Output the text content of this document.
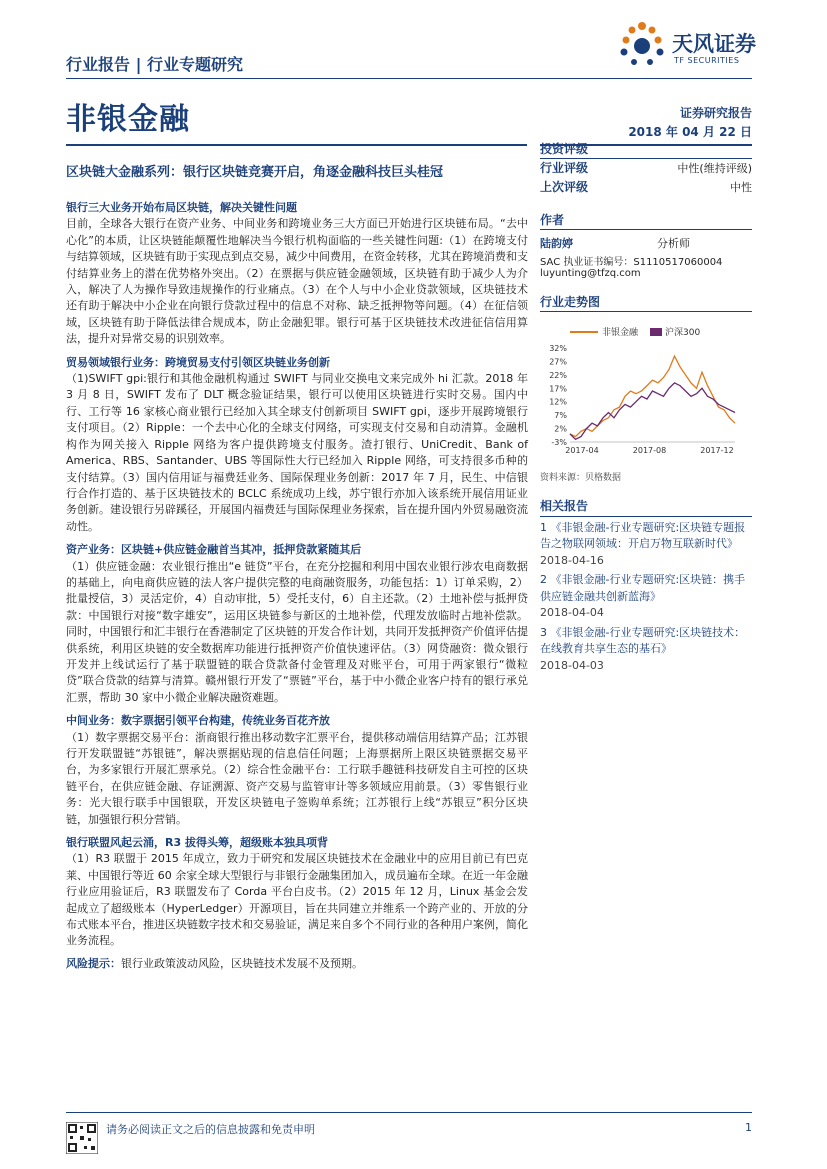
行业报告 | 行业专题研究
天风证券
TF SECURITIES
非银金融	证券研究报告
2018 年 04 月 22 日
区块链大金融系列：银行区块链竞赛开启，角逐金融科技巨头桂冠
银行三大业务开始布局区块链，解决关键性问题

目前，全球各大银行在资产业务、中间业务和跨境业务三大方面已开始进行区块链布局。“去中心化”的本质，让区块链能颠覆性地解决当今银行机构面临的一些关键性问题:（1）在跨境支付与结算领域，区块链有助于实现点到点交易，减少中间费用，在资金转移，尤其在跨境消费和支付结算业务上的潜在优势格外突出。（2）在票据与供应链金融领域，区块链有助于减少人为介入，解决了人为操作导致违规操作的行业痛点。（3）在个人与中小企业贷款领域，区块链技术还有助于解决中小企业在向银行贷款过程中的信息不对称、缺乏抵押物等问题。（4）在征信领域，区块链有助于降低法律合规成本，防止金融犯罪。银行可基于区块链技术改进征信信用算法，提升对异常交易的识别效率。

贸易领域银行业务：跨境贸易支付引领区块链业务创新

（1)SWIFT gpi:银行和其他金融机构通过 SWIFT 与同业交换电文来完成外 hi 汇款。2018 年 3 月 8 日，SWIFT 发布了 DLT 概念验证结果，银行可以使用区块链进行实时交易。国内中行、工行等 16 家核心商业银行已经加入其全球支付创新项目 SWIFT gpi，逐步开展跨境银行支付项目。（2）Ripple：一个去中心化的全球支付网络，可实现支付交易和自动清算。金融机构作为网关接入 Ripple 网络为客户提供跨境支付服务。渣打银行、UniCredit、Bank of America、RBS、Santander、UBS 等国际性大行已经加入 Ripple 网络，可支持很多币种的支付结算。（3）国内信用证与福费廷业务、国际保理业务创新：2017 年 7 月，民生、中信银行合作打造的、基于区块链技术的 BCLC 系统成功上线，苏宁银行亦加入该系统开展信用证业务创新。建设银行另辟蹊径，开展国内福费廷与国际保理业务探索，旨在提升国内外贸易融资流动性。

资产业务：区块链+供应链金融首当其冲，抵押贷款紧随其后

（1）供应链金融：农业银行推出“e 链贷”平台，在充分挖掘和利用中国农业银行涉农电商数据的基础上，向电商供应链的法人客户提供完整的电商融资服务，功能包括：1）订单采购，2）批量授信，3）灵活定价，4）自动审批，5）受托支付，6）自主还款。（2）土地补偿与抵押贷款：中国银行对接“数字雄安”，运用区块链参与新区的土地补偿，代理发放临时占地补偿款。同时，中国银行和汇丰银行在香港制定了区块链的开发合作计划，共同开发抵押资产价值评估提供系统，利用区块链的安全数据库功能进行抵押资产价值快速评估。（3）网贷融资：微众银行开发并上线试运行了基于联盟链的联合贷款备付金管理及对账平台，可用于两家银行“微粒贷”联合贷款的结算与清算。赣州银行开发了“票链”平台，基于中小微企业客户持有的银行承兑汇票，帮助 30 家中小微企业解决融资难题。

中间业务：数字票据引领平台构建，传统业务百花齐放

（1）数字票据交易平台：浙商银行推出移动数字汇票平台，提供移动端信用结算产品；江苏银行开发联盟链“苏银链”，解决票据贴现的信息信任问题；上海票据所上限区块链票据交易平台，为多家银行开展汇票承兑。（2）综合性金融平台：工行联手趣链科技研发自主可控的区块链平台，在供应链金融、存证溯源、资产交易与监管审计等多领域应用前景。（3）零售银行业务：光大银行联手中国银联，开发区块链电子签购单系统；江苏银行上线“苏银豆”积分区块链，加强银行积分营销。

银行联盟风起云涌，R3 拔得头筹，超级账本独具项背

（1）R3 联盟于 2015 年成立，致力于研究和发展区块链技术在金融业中的应用目前已有巴克莱、中国银行等近 60 余家全球大型银行与非银行金融集团加入，成员遍布全球。在近一年金融行业应用验证后，R3 联盟发布了 Corda 平台白皮书。（2）2015 年 12 月，Linux 基金会发起成立了超级账本（HyperLedger）开源项目，旨在共同建立并维系一个跨产业的、开放的分布式账本平台，推进区块链数字技术和交易验证，满足来自多个不同行业的各种用户案例，简化业务流程。

风险提示：银行业政策波动风险，区块链技术发展不及预期。

投资评级
行业评级	中性(维持评级)
上次评级	中性
作者
陆韵婷	分析师
SAC 执业证书编号：S1110517060004
luyunting@tfzq.com
行业走势图
非银金融	沪深300
32%
27%
22%
17%
12%
7%
2%
-3%
2017-04	2017-08	2017-12
资料来源：贝格数据
相关报告
1 《非银金融-行业专题研究:区块链专题报告之物联网领域：开启万物互联新时代》
2018-04-16
2 《非银金融-行业专题研究:区块链：携手供应链金融共创新蓝海》
2018-04-04
3 《非银金融-行业专题研究:区块链技术：在线教育共享生态的基石》
2018-04-03
请务必阅读正文之后的信息披露和免责申明	1
